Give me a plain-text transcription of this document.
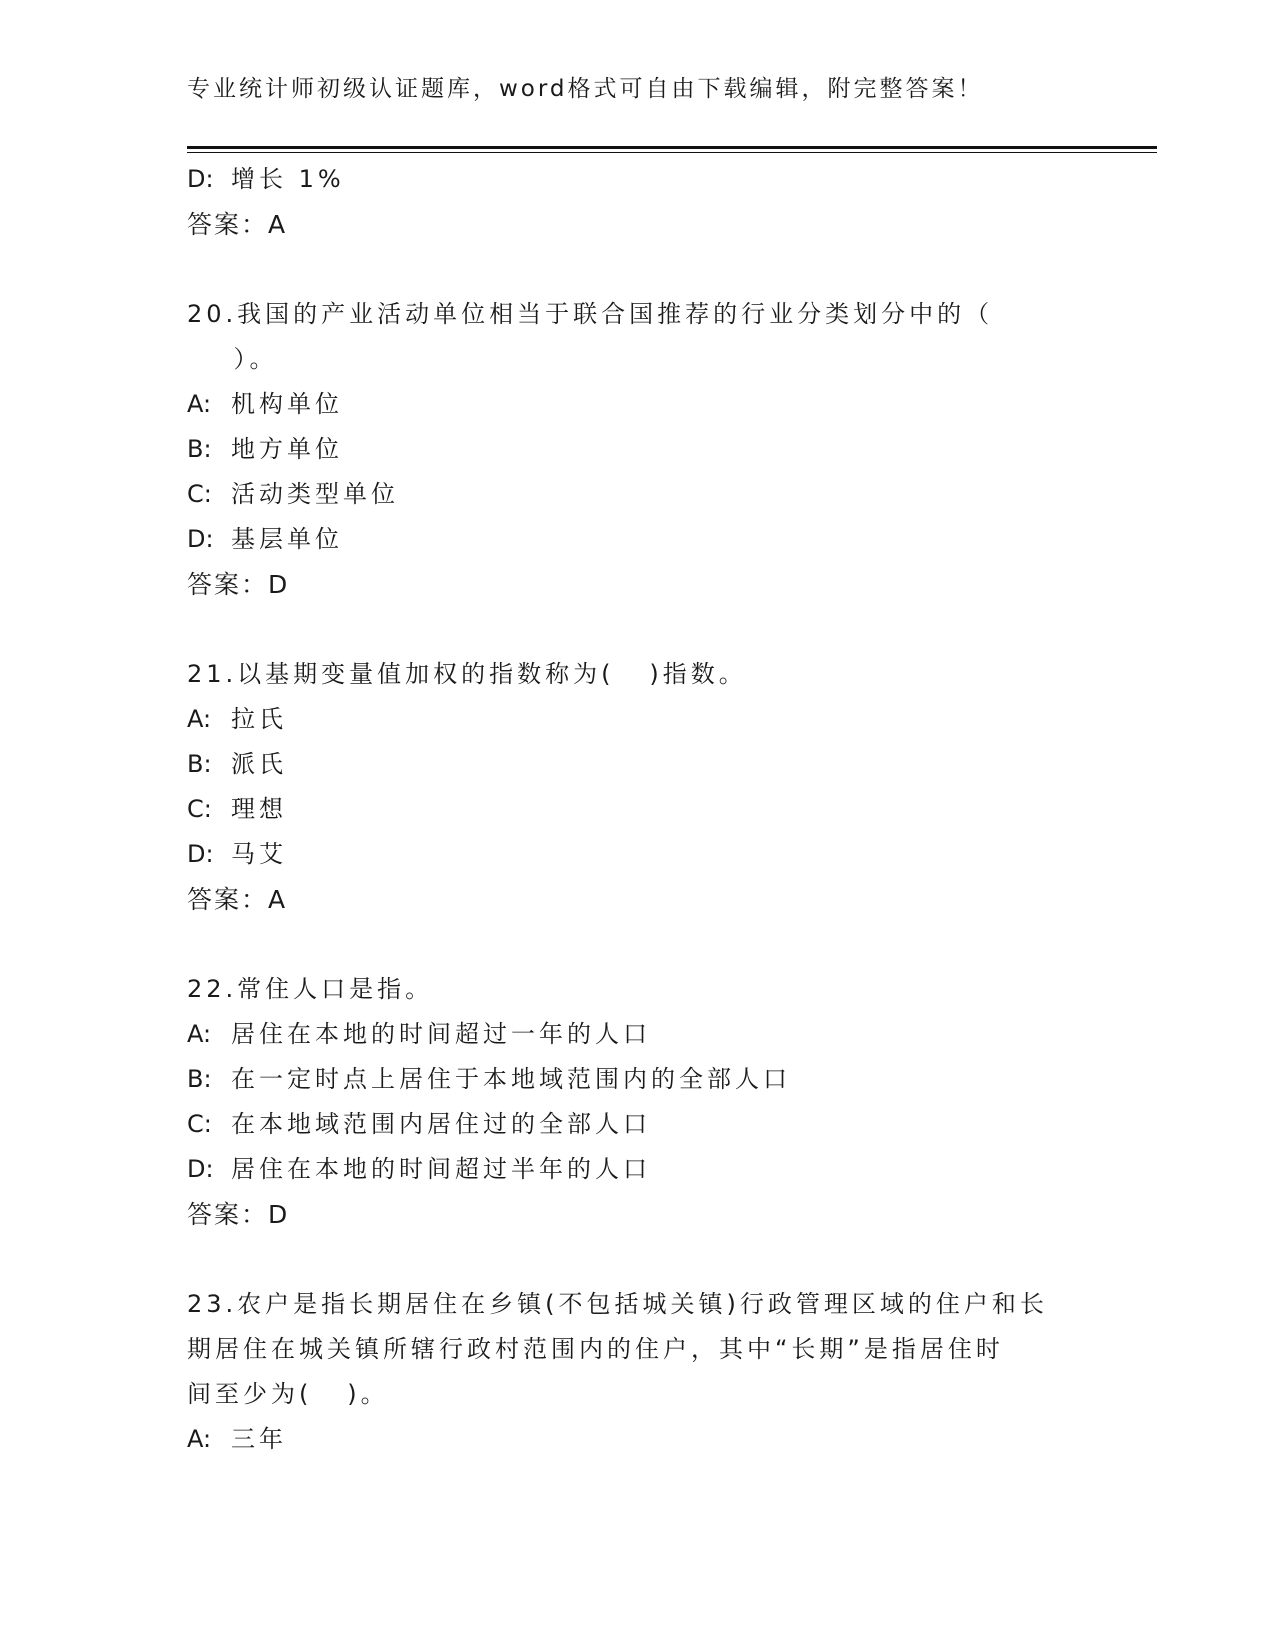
专业统计师初级认证题库，word格式可自由下载编辑，附完整答案！
D: 增长 1%
答案：A
20.我国的产业活动单位相当于联合国推荐的行业分类划分中的（
）。
A: 机构单位
B: 地方单位
C: 活动类型单位
D: 基层单位
答案：D
21.以基期变量值加权的指数称为(   )指数。
A: 拉氏
B: 派氏
C: 理想
D: 马艾
答案：A
22.常住人口是指。
A: 居住在本地的时间超过一年的人口
B: 在一定时点上居住于本地域范围内的全部人口
C: 在本地域范围内居住过的全部人口
D: 居住在本地的时间超过半年的人口
答案：D
23.农户是指长期居住在乡镇(不包括城关镇)行政管理区域的住户和长
期居住在城关镇所辖行政村范围内的住户，其中“长期”是指居住时
间至少为(   )。
A: 三年
